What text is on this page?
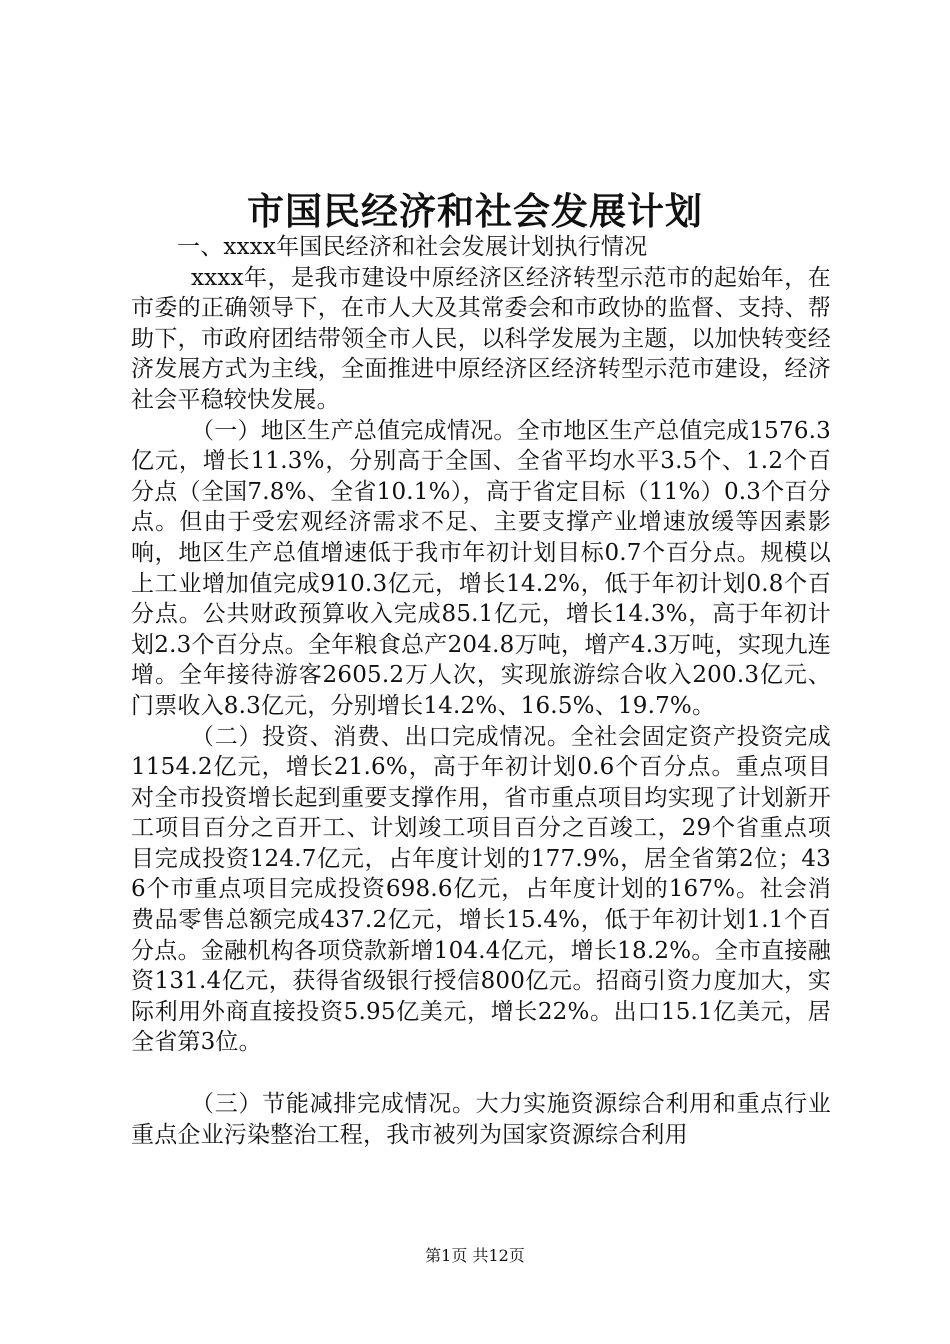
市国民经济和社会发展计划

一、xxxx年国民经济和社会发展计划执行情况

xxxx年，是我市建设中原经济区经济转型示范市的起始年，在市委的正确领导下，在市人大及其常委会和市政协的监督、支持、帮助下，市政府团结带领全市人民，以科学发展为主题，以加快转变经济发展方式为主线，全面推进中原经济区经济转型示范市建设，经济社会平稳较快发展。

（一）地区生产总值完成情况。全市地区生产总值完成1576.3亿元，增长11.3%，分别高于全国、全省平均水平3.5个、1.2个百分点（全国7.8%、全省10.1%），高于省定目标（11%）0.3个百分点。但由于受宏观经济需求不足、主要支撑产业增速放缓等因素影响，地区生产总值增速低于我市年初计划目标0.7个百分点。规模以上工业增加值完成910.3亿元，增长14.2%，低于年初计划0.8个百分点。公共财政预算收入完成85.1亿元，增长14.3%，高于年初计划2.3个百分点。全年粮食总产204.8万吨，增产4.3万吨，实现九连增。全年接待游客2605.2万人次，实现旅游综合收入200.3亿元、门票收入8.3亿元，分别增长14.2%、16.5%、19.7%。

（二）投资、消费、出口完成情况。全社会固定资产投资完成1154.2亿元，增长21.6%，高于年初计划0.6个百分点。重点项目对全市投资增长起到重要支撑作用，省市重点项目均实现了计划新开工项目百分之百开工、计划竣工项目百分之百竣工，29个省重点项目完成投资124.7亿元，占年度计划的177.9%，居全省第2位；436个市重点项目完成投资698.6亿元，占年度计划的167%。社会消费品零售总额完成437.2亿元，增长15.4%，低于年初计划1.1个百分点。金融机构各项贷款新增104.4亿元，增长18.2%。全市直接融资131.4亿元，获得省级银行授信800亿元。招商引资力度加大，实际利用外商直接投资5.95亿美元，增长22%。出口15.1亿美元，居全省第3位。

（三）节能减排完成情况。大力实施资源综合利用和重点行业重点企业污染整治工程，我市被列为国家资源综合利用

第1页 共12页
